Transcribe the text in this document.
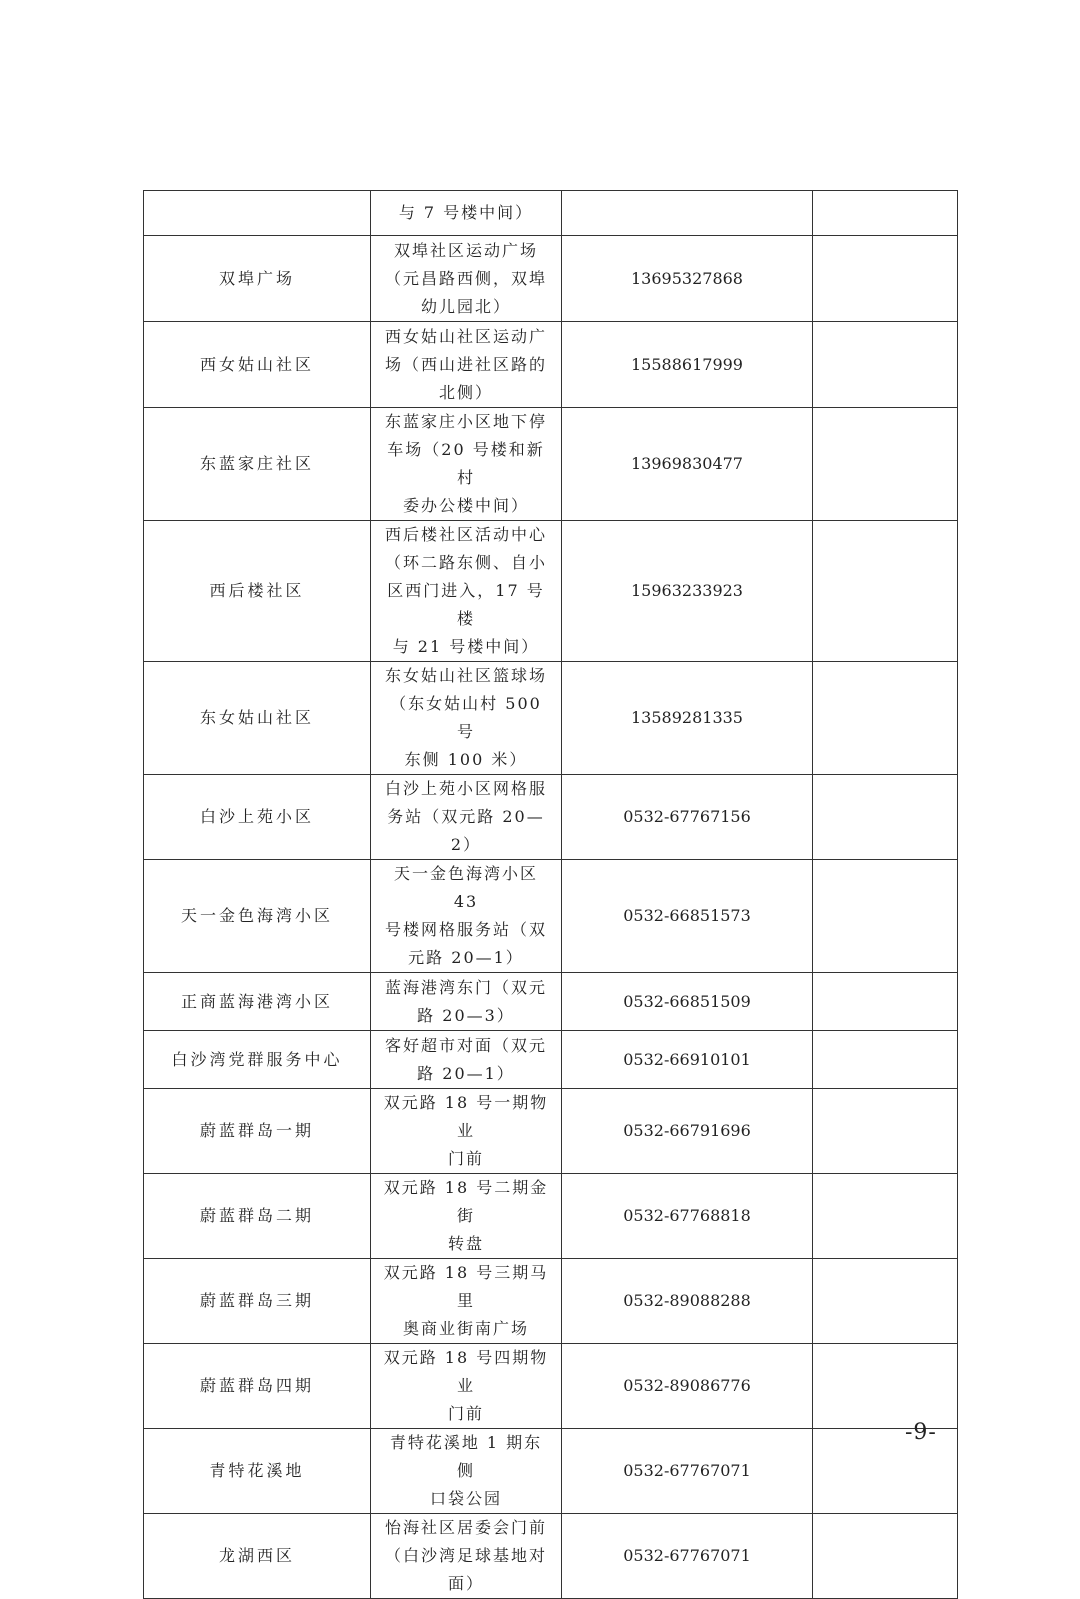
	与 7 号楼中间）		

双埠广场	双埠社区运动广场
（元昌路西侧，双埠
幼儿园北）	13695327868	
西女姑山社区	西女姑山社区运动广
场（西山进社区路的
北侧）	15588617999	
东蓝家庄社区	东蓝家庄小区地下停
车场（20 号楼和新村
委办公楼中间）	13969830477	
西后楼社区	西后楼社区活动中心
（环二路东侧、自小
区西门进入，17 号楼
与 21 号楼中间）	15963233923	
东女姑山社区	东女姑山社区篮球场
（东女姑山村 500 号
东侧 100 米）	13589281335	
白沙上苑小区	白沙上苑小区网格服
务站（双元路 20—2）	0532-67767156	
天一金色海湾小区	天一金色海湾小区 43
号楼网格服务站（双
元路 20—1）	0532-66851573	
正商蓝海港湾小区	蓝海港湾东门（双元
路 20—3）	0532-66851509	
白沙湾党群服务中心	客好超市对面（双元
路 20—1）	0532-66910101	
蔚蓝群岛一期	双元路 18 号一期物业
门前	0532-66791696	
蔚蓝群岛二期	双元路 18 号二期金街
转盘	0532-67768818	
蔚蓝群岛三期	双元路 18 号三期马里
奥商业街南广场	0532-89088288	
蔚蓝群岛四期	双元路 18 号四期物业
门前	0532-89086776	
青特花溪地	青特花溪地 1 期东侧
口袋公园	0532-67767071	
龙湖西区	怡海社区居委会门前
（白沙湾足球基地对
面）	0532-67767071	
-9-
